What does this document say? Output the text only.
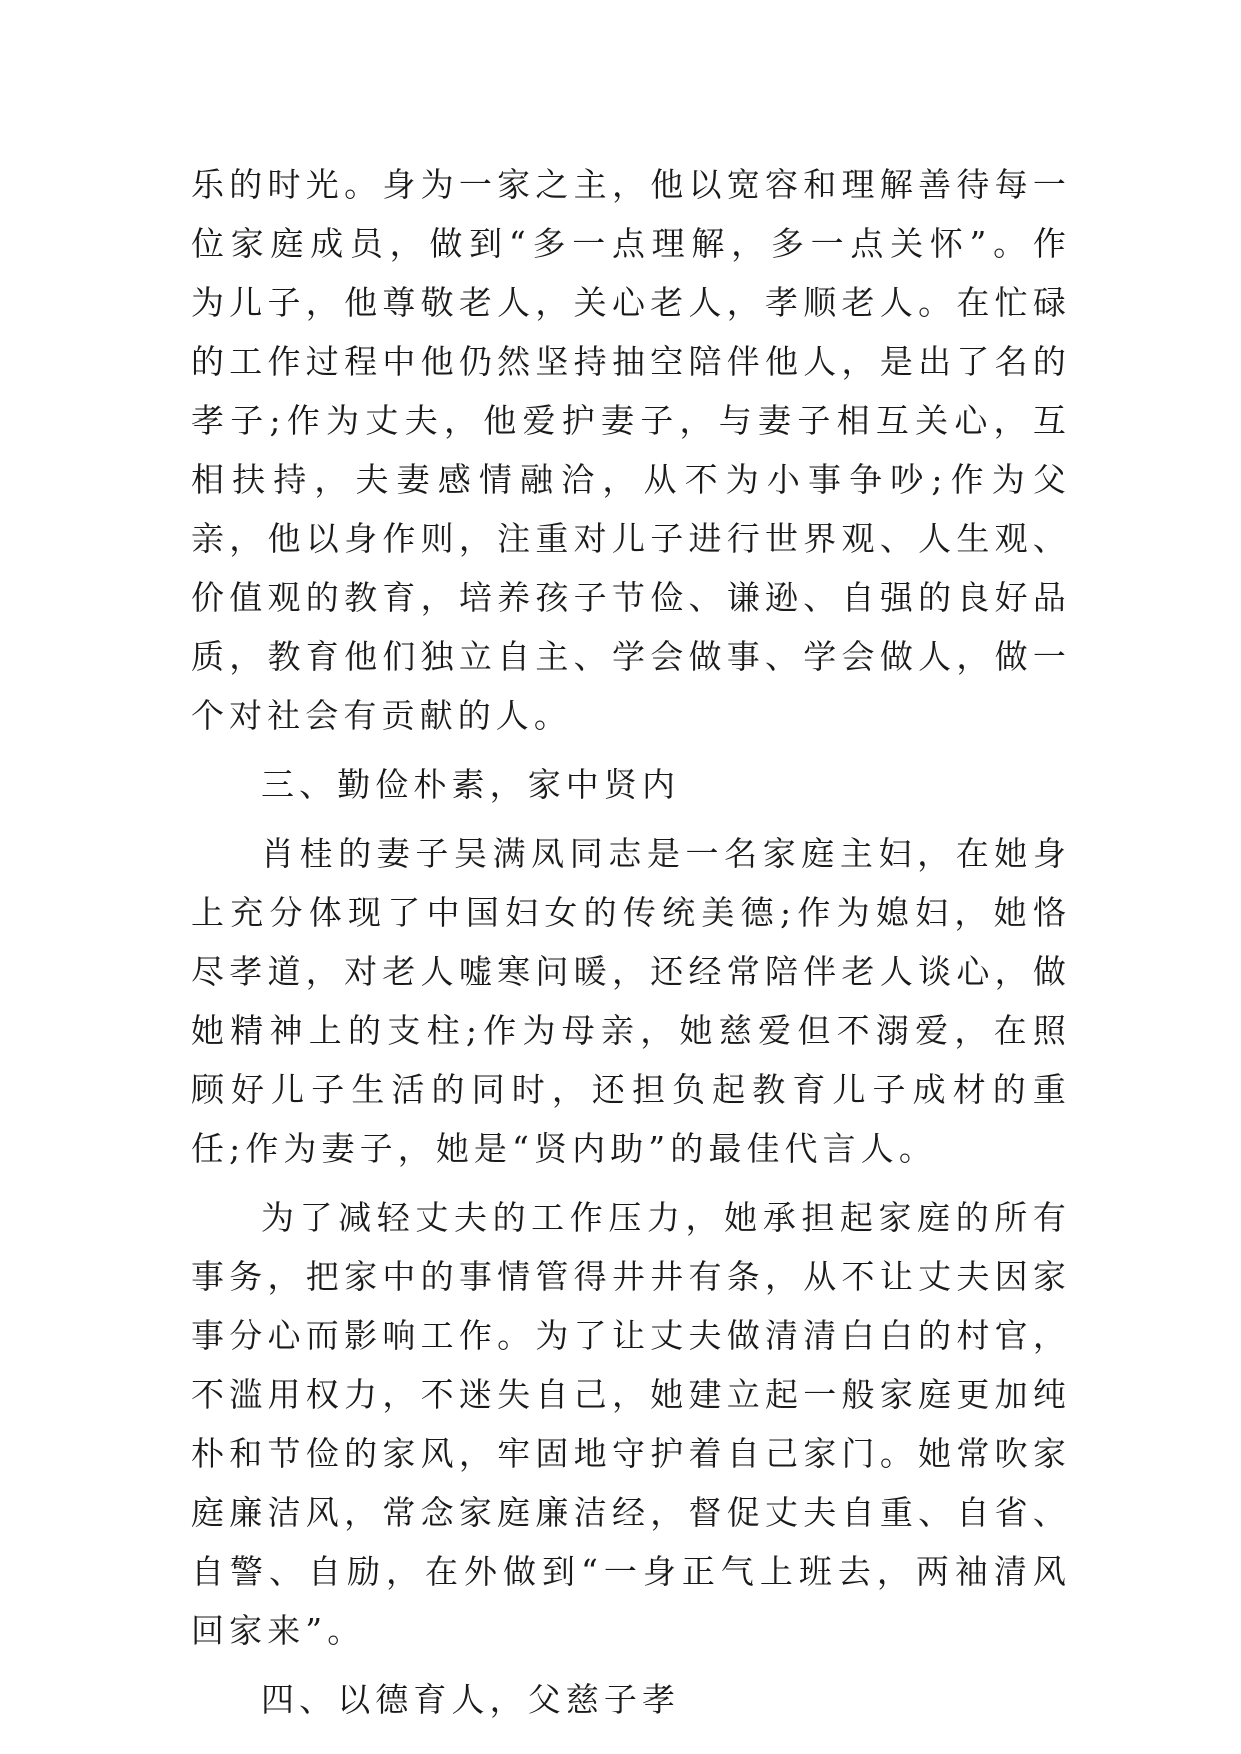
乐的时光。身为一家之主，他以宽容和理解善待每一位家庭成员，做到“多一点理解，多一点关怀”。作为儿子，他尊敬老人，关心老人，孝顺老人。在忙碌的工作过程中他仍然坚持抽空陪伴他人，是出了名的孝子;作为丈夫，他爱护妻子，与妻子相互关心，互相扶持，夫妻感情融洽，从不为小事争吵;作为父亲，他以身作则，注重对儿子进行世界观、人生观、价值观的教育，培养孩子节俭、谦逊、自强的良好品质，教育他们独立自主、学会做事、学会做人，做一个对社会有贡献的人。

三、勤俭朴素，家中贤内

肖桂的妻子吴满凤同志是一名家庭主妇，在她身上充分体现了中国妇女的传统美德;作为媳妇，她恪尽孝道，对老人嘘寒问暖，还经常陪伴老人谈心，做她精神上的支柱;作为母亲，她慈爱但不溺爱，在照顾好儿子生活的同时，还担负起教育儿子成材的重任;作为妻子，她是“贤内助”的最佳代言人。

为了减轻丈夫的工作压力，她承担起家庭的所有事务，把家中的事情管得井井有条，从不让丈夫因家事分心而影响工作。为了让丈夫做清清白白的村官，不滥用权力，不迷失自己，她建立起一般家庭更加纯朴和节俭的家风，牢固地守护着自己家门。她常吹家庭廉洁风，常念家庭廉洁经，督促丈夫自重、自省、自警、自励，在外做到“一身正气上班去，两袖清风回家来”。

四、以德育人，父慈子孝
